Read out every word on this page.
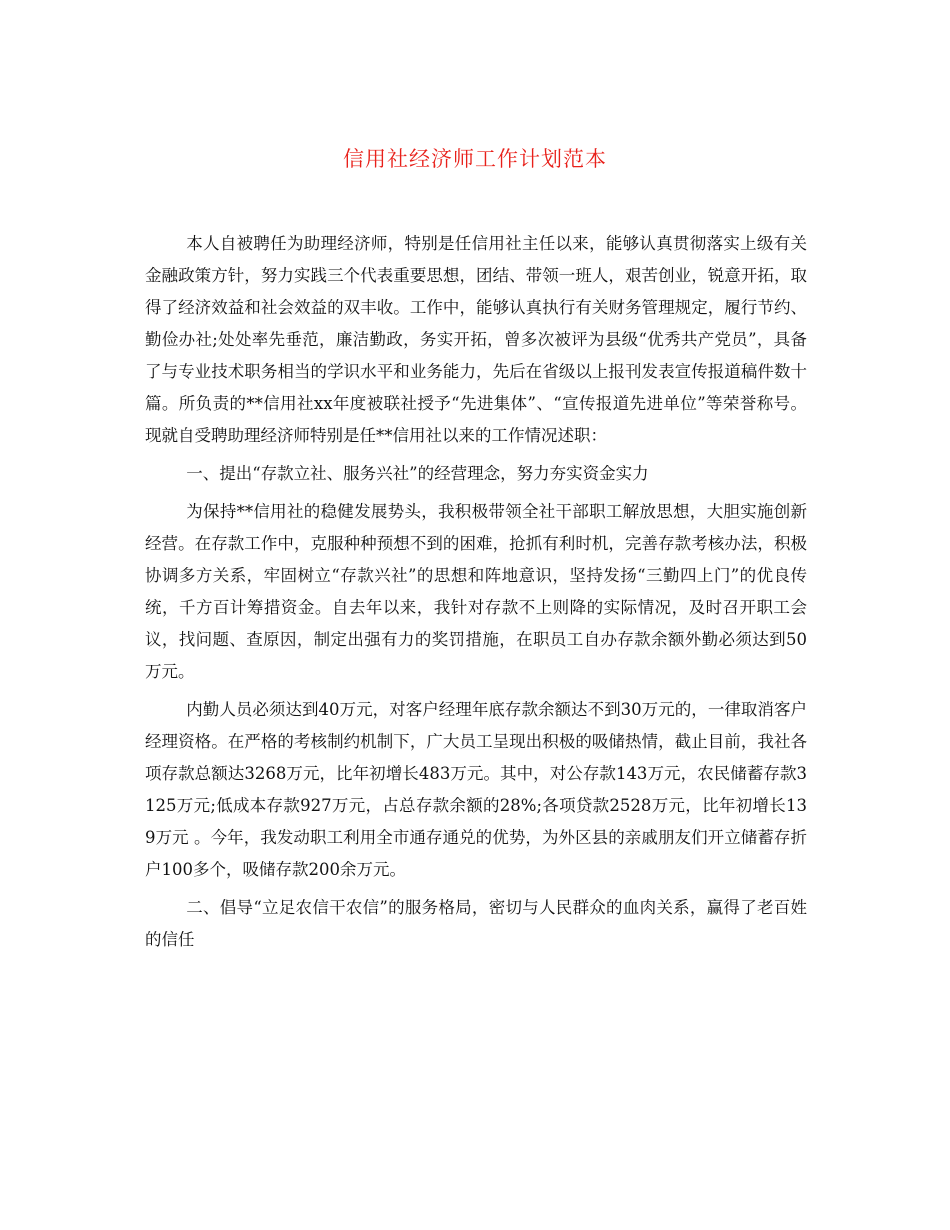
信用社经济师工作计划范本

本人自被聘任为助理经济师，特别是任信用社主任以来，能够认真贯彻落实上级有关金融政策方针，努力实践三个代表重要思想，团结、带领一班人，艰苦创业，锐意开拓，取得了经济效益和社会效益的双丰收。工作中，能够认真执行有关财务管理规定，履行节约、勤俭办社;处处率先垂范，廉洁勤政，务实开拓，曾多次被评为县级“优秀共产党员”，具备了与专业技术职务相当的学识水平和业务能力，先后在省级以上报刊发表宣传报道稿件数十篇。所负责的**信用社xx年度被联社授予“先进集体”、“宣传报道先进单位”等荣誉称号。现就自受聘助理经济师特别是任**信用社以来的工作情况述职：

一、提出“存款立社、服务兴社”的经营理念，努力夯实资金实力

为保持**信用社的稳健发展势头，我积极带领全社干部职工解放思想，大胆实施创新经营。在存款工作中，克服种种预想不到的困难，抢抓有利时机，完善存款考核办法，积极协调多方关系，牢固树立“存款兴社”的思想和阵地意识，坚持发扬“三勤四上门”的优良传统，千方百计筹措资金。自去年以来，我针对存款不上则降的实际情况，及时召开职工会议，找问题、查原因，制定出强有力的奖罚措施，在职员工自办存款余额外勤必须达到50万元。

内勤人员必须达到40万元，对客户经理年底存款余额达不到30万元的，一律取消客户经理资格。在严格的考核制约机制下，广大员工呈现出积极的吸储热情，截止目前，我社各项存款总额达3268万元，比年初增长483万元。其中，对公存款143万元，农民储蓄存款3125万元;低成本存款927万元，占总存款余额的28%;各项贷款2528万元，比年初增长139万元 。今年，我发动职工利用全市通存通兑的优势，为外区县的亲戚朋友们开立储蓄存折户100多个，吸储存款200余万元。

二、倡导“立足农信干农信”的服务格局，密切与人民群众的血肉关系，赢得了老百姓的信任
